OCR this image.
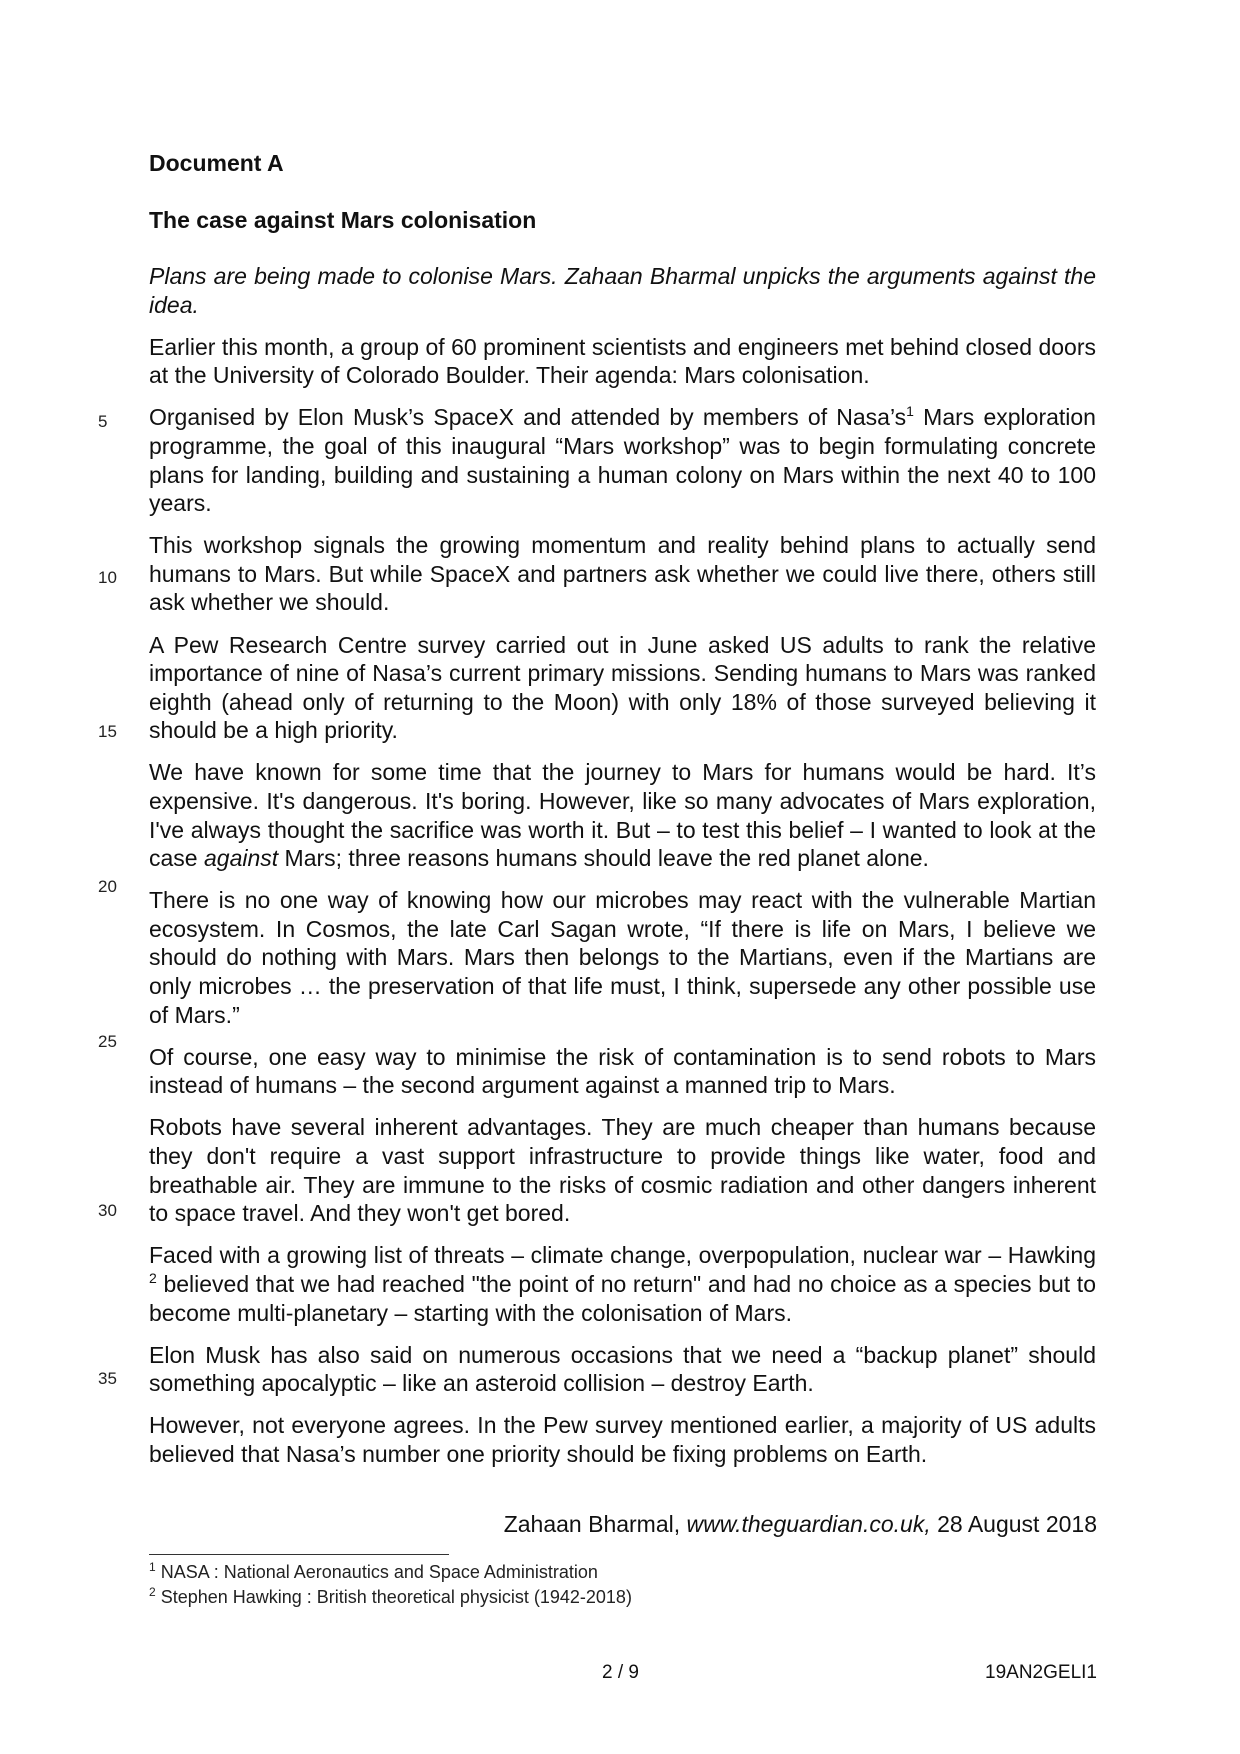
Document A
The case against Mars colonisation
5
10
15
20
25
30
35

Plans are being made to colonise Mars. Zahaan Bharmal unpicks the arguments against the idea.

Earlier this month, a group of 60 prominent scientists and engineers met behind closed doors at the University of Colorado Boulder. Their agenda: Mars colonisation.

Organised by Elon Musk’s SpaceX and attended by members of $Nasa’s^1$ Mars exploration programme, the goal of this inaugural “Mars workshop” was to begin formulating concrete plans for landing, building and sustaining a human colony on Mars within the next 40 to 100 years.

This workshop signals the growing momentum and reality behind plans to actually send humans to Mars. But while SpaceX and partners ask whether we could live there, others still ask whether we should.

A Pew Research Centre survey carried out in June asked US adults to rank the relative importance of nine of Nasa’s current primary missions. Sending humans to Mars was ranked eighth (ahead only of returning to the Moon) with only 18% of those surveyed believing it should be a high priority.

We have known for some time that the journey to Mars for humans would be hard. It’s expensive. It's dangerous. It's boring. However, like so many advocates of Mars exploration, I've always thought the sacrifice was worth it. But – to test this belief – I wanted to look at the case against Mars; three reasons humans should leave the red planet alone.

There is no one way of knowing how our microbes may react with the vulnerable Martian ecosystem. In Cosmos, the late Carl Sagan wrote, “If there is life on Mars, I believe we should do nothing with Mars. Mars then belongs to the Martians, even if the Martians are only microbes … the preservation of that life must, I think, supersede any other possible use of Mars.”

Of course, one easy way to minimise the risk of contamination is to send robots to Mars instead of humans – the second argument against a manned trip to Mars.

Robots have several inherent advantages. They are much cheaper than humans because they don't require a vast support infrastructure to provide things like water, food and breathable air. They are immune to the risks of cosmic radiation and other dangers inherent to space travel. And they won't get bored.

Faced with a growing list of threats – climate change, overpopulation, nuclear war – Hawking $^2$ believed that we had reached "the point of no return" and had no choice as a species but to become multi-planetary – starting with the colonisation of Mars.

Elon Musk has also said on numerous occasions that we need a “backup planet” should something apocalyptic – like an asteroid collision – destroy Earth.

However, not everyone agrees. In the Pew survey mentioned earlier, a majority of US adults believed that Nasa’s number one priority should be fixing problems on Earth.

Zahaan Bharmal, www.theguardian.co.uk, 28 August 2018
$^1$ NASA : National Aeronautics and Space Administration
$^2$ Stephen Hawking : British theoretical physicist (1942-2018)
2 / 9	19AN2GELI1
